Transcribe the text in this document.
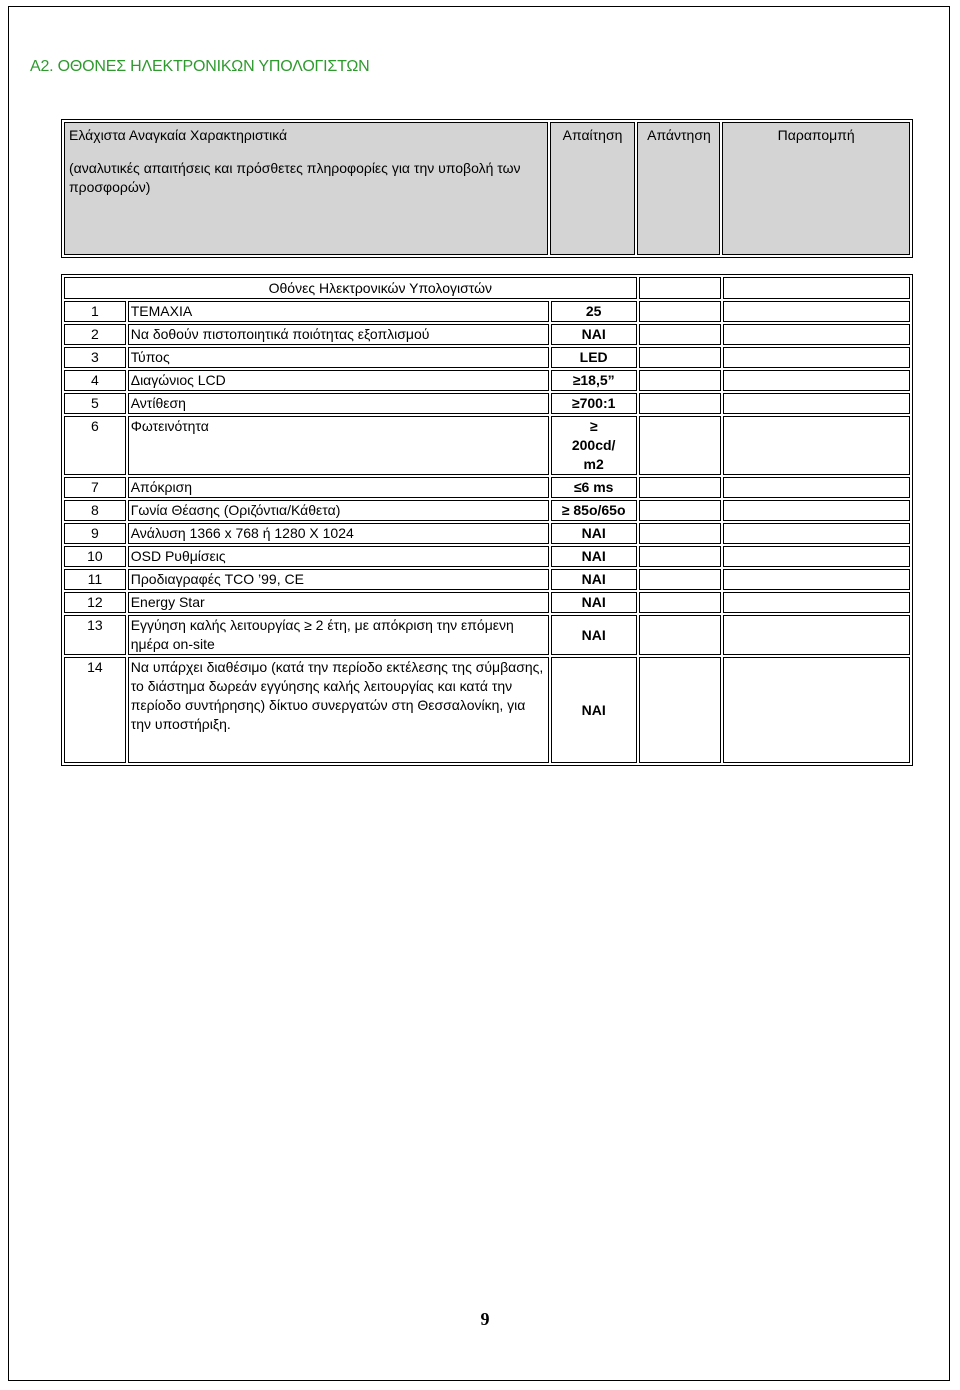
Α2. ΟΘΟΝΕΣ ΗΛΕΚΤΡΟΝΙΚΩΝ ΥΠΟΛΟΓΙΣΤΩΝ
Ελάχιστα Αναγκαία Χαρακτηριστικά
(αναλυτικές απαιτήσεις και πρόσθετες πληροφορίες για την υποβολή των προσφορών)
	Απαίτηση	Απάντηση	Παραπομπή
Οθόνες Ηλεκτρονικών Υπολογιστών				
1	ΤΕΜΑΧΙΑ	25		
2	Να δοθούν πιστοποιητικά ποιότητας εξοπλισμού	ΝΑΙ		
3	Τύπος	LED		
4	Διαγώνιος LCD	≥18,5”		
5	Αντίθεση	≥700:1		
6	Φωτεινότητα	≥ 200cd/ m2		
7	Απόκριση	≤6 ms		
8	Γωνία Θέασης (Οριζόντια/Κάθετα)	≥ 85ο/65ο		
9	Ανάλυση 1366 x 768 ή 1280 X 1024	ΝΑΙ		
10	OSD Ρυθμίσεις	ΝΑΙ		
11	Προδιαγραφές TCO ’99, CE	ΝΑΙ		
12	Energy Star	ΝΑΙ		
13	Εγγύηση καλής λειτουργίας ≥ 2 έτη, με απόκριση την επόμενη ημέρα on-site	ΝΑΙ		
14	Να υπάρχει διαθέσιμο (κατά την περίοδο εκτέλεσης της σύμβασης, το διάστημα δωρεάν εγγύησης καλής λειτουργίας και κατά την περίοδο συντήρησης) δίκτυο συνεργατών στη Θεσσαλονίκη, για την υποστήριξη.	ΝΑΙ		
9
